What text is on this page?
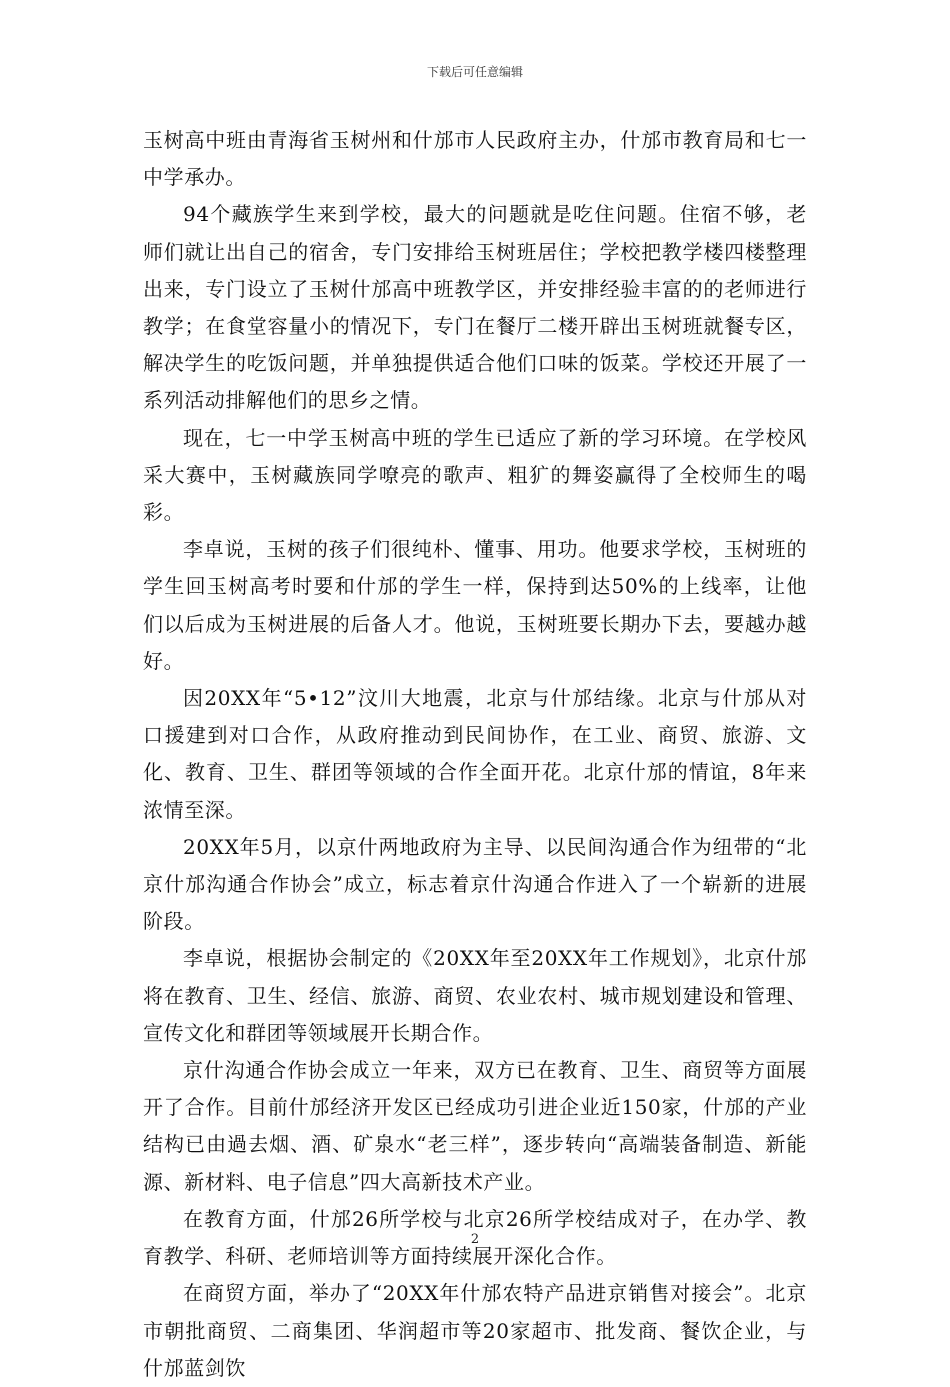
下载后可任意编辑

玉树高中班由青海省玉树州和什邡市人民政府主办，什邡市教育局和七一中学承办。

94个藏族学生来到学校，最大的问题就是吃住问题。住宿不够，老师们就让出自己的宿舍，专门安排给玉树班居住；学校把教学楼四楼整理出来，专门设立了玉树什邡高中班教学区，并安排经验丰富的的老师进行教学；在食堂容量小的情况下，专门在餐厅二楼开辟出玉树班就餐专区，解决学生的吃饭问题，并单独提供适合他们口味的饭菜。学校还开展了一系列活动排解他们的思乡之情。

现在，七一中学玉树高中班的学生已适应了新的学习环境。在学校风采大赛中，玉树藏族同学嘹亮的歌声、粗犷的舞姿赢得了全校师生的喝彩。

李卓说，玉树的孩子们很纯朴、懂事、用功。他要求学校，玉树班的学生回玉树高考时要和什邡的学生一样，保持到达50%的上线率，让他们以后成为玉树进展的后备人才。他说，玉树班要长期办下去，要越办越好。

因20XX年“5•12”汶川大地震，北京与什邡结缘。北京与什邡从对口援建到对口合作，从政府推动到民间协作，在工业、商贸、旅游、文化、教育、卫生、群团等领域的合作全面开花。北京什邡的情谊，8年来浓情至深。

20XX年5月，以京什两地政府为主导、以民间沟通合作为纽带的“北京什邡沟通合作协会”成立，标志着京什沟通合作进入了一个崭新的进展阶段。

李卓说，根据协会制定的《20XX年至20XX年工作规划》，北京什邡将在教育、卫生、经信、旅游、商贸、农业农村、城市规划建设和管理、宣传文化和群团等领域展开长期合作。

京什沟通合作协会成立一年来，双方已在教育、卫生、商贸等方面展开了合作。目前什邡经济开发区已经成功引进企业近150家，什邡的产业结构已由過去烟、酒、矿泉水“老三样”，逐步转向“高端装备制造、新能源、新材料、电子信息”四大高新技术产业。

在教育方面，什邡26所学校与北京26所学校结成对子，在办学、教育教学、科研、老师培训等方面持续展开深化合作。

在商贸方面，举办了“20XX年什邡农特产品进京销售对接会”。北京市朝批商贸、二商集团、华润超市等20家超市、批发商、餐饮企业，与什邡蓝剑饮

2
